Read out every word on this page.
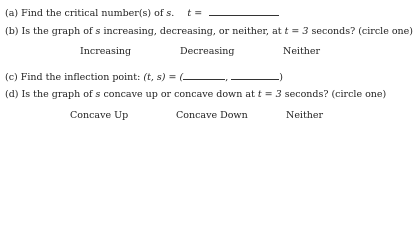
(a) Find the critical number(s) of s. t =
(b) Is the graph of s increasing, decreasing, or neither, at t = 3 seconds? (circle one)
Increasing	Decreasing	Neither
(c) Find the inflection point: (t, s) = (	,	)
(d) Is the graph of s concave up or concave down at t = 3 seconds? (circle one)
Concave Up	Concave Down	Neither
